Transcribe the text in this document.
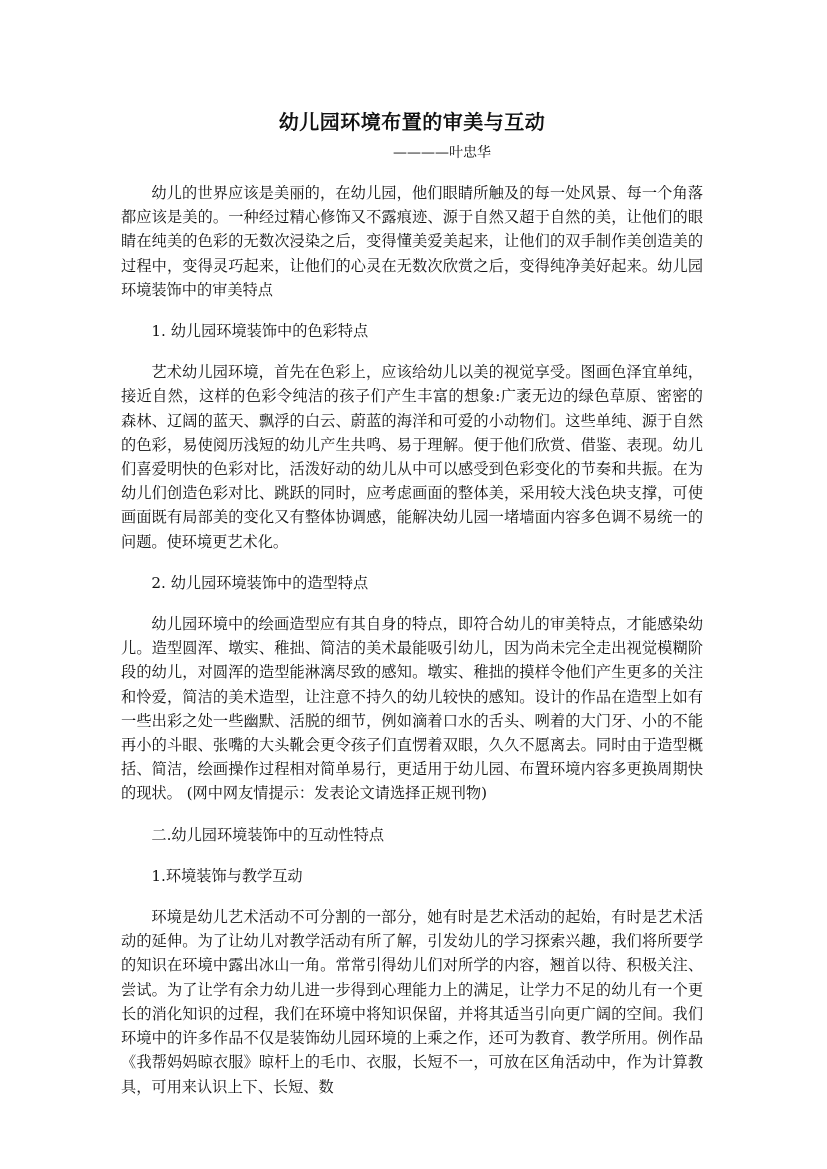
幼儿园环境布置的审美与互动
————叶忠华

幼儿的世界应该是美丽的，在幼儿园，他们眼睛所触及的每一处风景、每一个角落都应该是美的。一种经过精心修饰又不露痕迹、源于自然又超于自然的美，让他们的眼睛在纯美的色彩的无数次浸染之后，变得懂美爱美起来，让他们的双手制作美创造美的过程中，变得灵巧起来，让他们的心灵在无数次欣赏之后，变得纯净美好起来。幼儿园环境装饰中的审美特点

1. 幼儿园环境装饰中的色彩特点

艺术幼儿园环境，首先在色彩上，应该给幼儿以美的视觉享受。图画色泽宜单纯，接近自然，这样的色彩令纯洁的孩子们产生丰富的想象:广袤无边的绿色草原、密密的森林、辽阔的蓝天、飘浮的白云、蔚蓝的海洋和可爱的小动物们。这些单纯、源于自然的色彩，易使阅历浅短的幼儿产生共鸣、易于理解。便于他们欣赏、借鉴、表现。幼儿们喜爱明快的色彩对比，活泼好动的幼儿从中可以感受到色彩变化的节奏和共振。在为幼儿们创造色彩对比、跳跃的同时，应考虑画面的整体美，采用较大浅色块支撑，可使画面既有局部美的变化又有整体协调感，能解决幼儿园一堵墙面内容多色调不易统一的问题。使环境更艺术化。

2. 幼儿园环境装饰中的造型特点

幼儿园环境中的绘画造型应有其自身的特点，即符合幼儿的审美特点，才能感染幼儿。造型圆浑、墩实、稚拙、简洁的美术最能吸引幼儿，因为尚未完全走出视觉模糊阶段的幼儿，对圆浑的造型能淋漓尽致的感知。墩实、稚拙的摸样令他们产生更多的关注和怜爱，简洁的美术造型，让注意不持久的幼儿较快的感知。设计的作品在造型上如有一些出彩之处一些幽默、活脱的细节，例如滴着口水的舌头、咧着的大门牙、小的不能再小的斗眼、张嘴的大头靴会更令孩子们直愣着双眼，久久不愿离去。同时由于造型概括、简洁，绘画操作过程相对简单易行，更适用于幼儿园、布置环境内容多更换周期快的现状。 (网中网友情提示：发表论文请选择正规刊物)

二.幼儿园环境装饰中的互动性特点

1.环境装饰与教学互动

环境是幼儿艺术活动不可分割的一部分，她有时是艺术活动的起始，有时是艺术活动的延伸。为了让幼儿对教学活动有所了解，引发幼儿的学习探索兴趣，我们将所要学的知识在环境中露出冰山一角。常常引得幼儿们对所学的内容，翘首以待、积极关注、尝试。为了让学有余力幼儿进一步得到心理能力上的满足，让学力不足的幼儿有一个更长的消化知识的过程，我们在环境中将知识保留，并将其适当引向更广阔的空间。我们环境中的许多作品不仅是装饰幼儿园环境的上乘之作，还可为教育、教学所用。例作品《我帮妈妈晾衣服》晾杆上的毛巾、衣服，长短不一，可放在区角活动中，作为计算教具，可用来认识上下、长短、数
